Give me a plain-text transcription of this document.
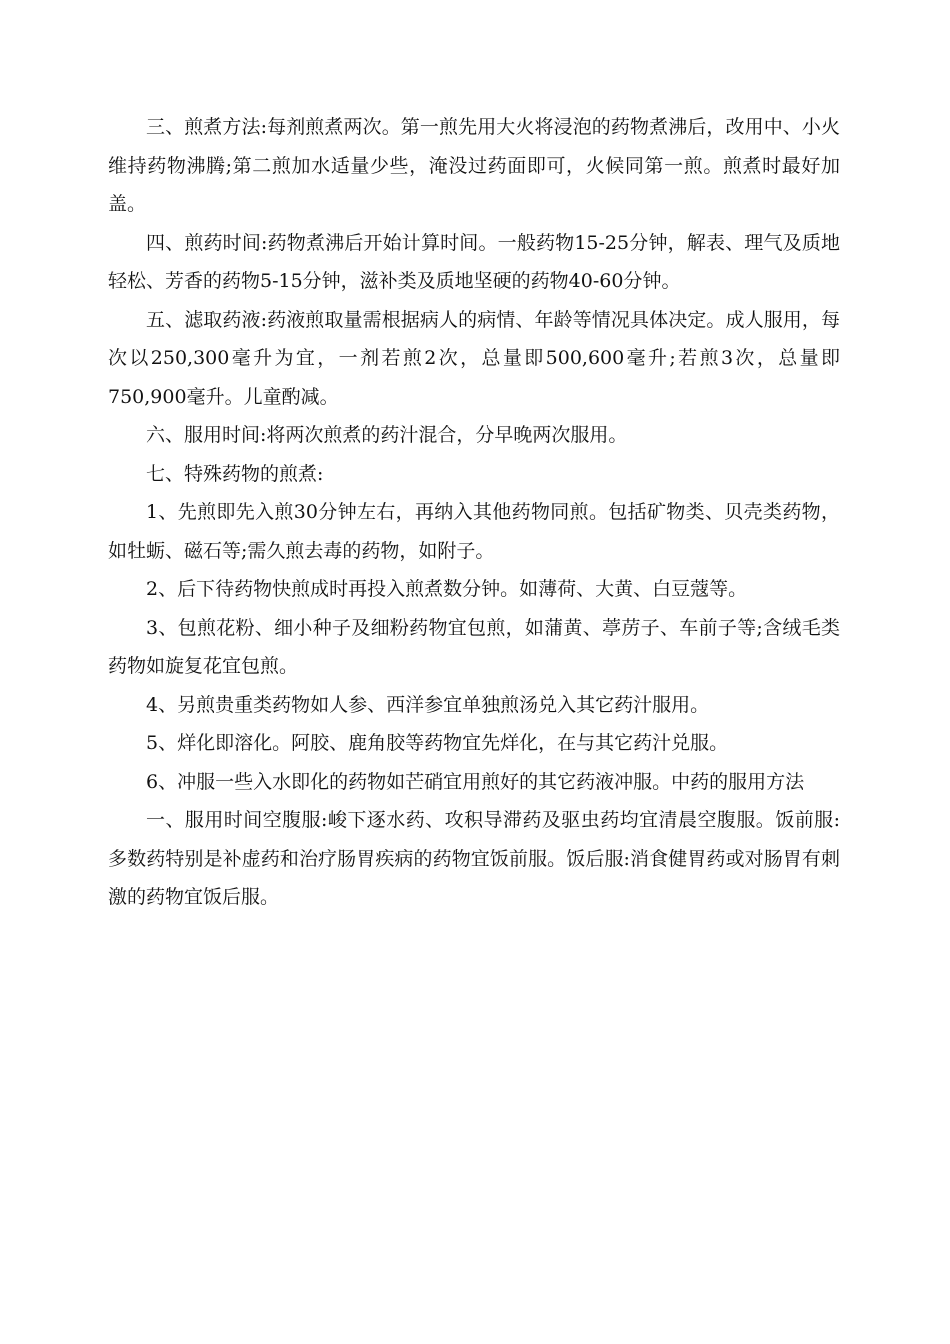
三、煎煮方法:每剂煎煮两次。第一煎先用大火将浸泡的药物煮沸后，改用中、小火维持药物沸腾;第二煎加水适量少些，淹没过药面即可，火候同第一煎。煎煮时最好加盖。

四、煎药时间:药物煮沸后开始计算时间。一般药物15-25分钟，解表、理气及质地轻松、芳香的药物5-15分钟，滋补类及质地坚硬的药物40-60分钟。

五、滤取药液:药液煎取量需根据病人的病情、年龄等情况具体决定。成人服用，每次以250,300毫升为宜，一剂若煎2次，总量即500,600毫升;若煎3次，总量即750,900毫升。儿童酌减。

六、服用时间:将两次煎煮的药汁混合，分早晚两次服用。

七、特殊药物的煎煮:

1、先煎即先入煎30分钟左右，再纳入其他药物同煎。包括矿物类、贝壳类药物，如牡蛎、磁石等;需久煎去毒的药物，如附子。

2、后下待药物快煎成时再投入煎煮数分钟。如薄荷、大黄、白豆蔻等。

3、包煎花粉、细小种子及细粉药物宜包煎，如蒲黄、葶苈子、车前子等;含绒毛类药物如旋复花宜包煎。

4、另煎贵重类药物如人参、西洋参宜单独煎汤兑入其它药汁服用。

5、烊化即溶化。阿胶、鹿角胶等药物宜先烊化，在与其它药汁兑服。

6、冲服一些入水即化的药物如芒硝宜用煎好的其它药液冲服。中药的服用方法

一、服用时间空腹服:峻下逐水药、攻积导滞药及驱虫药均宜清晨空腹服。饭前服:多数药特别是补虚药和治疗肠胃疾病的药物宜饭前服。饭后服:消食健胃药或对肠胃有刺激的药物宜饭后服。
